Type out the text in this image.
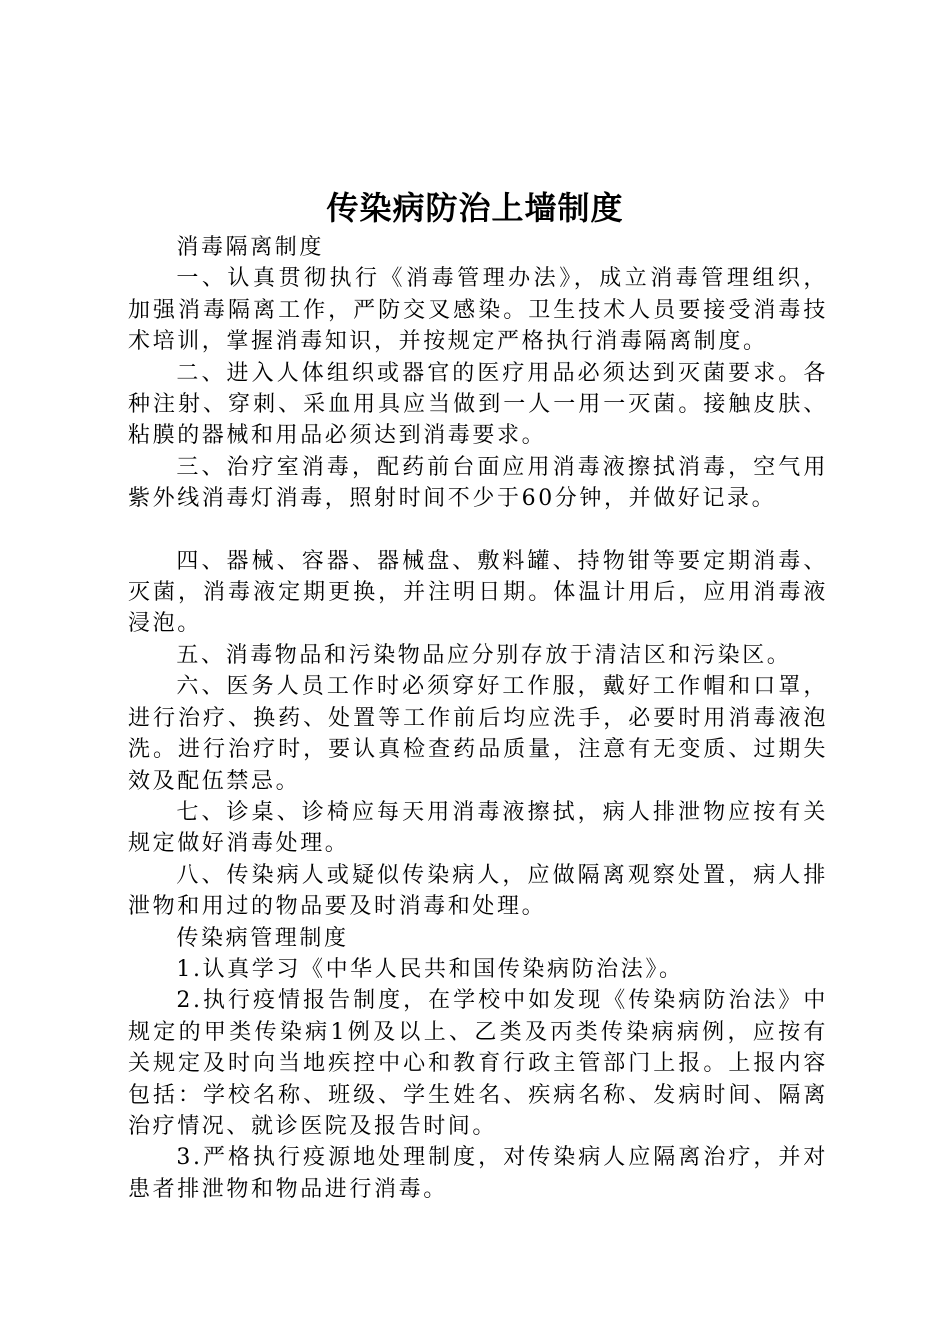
传染病防治上墙制度

消毒隔离制度

一、认真贯彻执行《消毒管理办法》，成立消毒管理组织，加强消毒隔离工作，严防交叉感染。卫生技术人员要接受消毒技术培训，掌握消毒知识，并按规定严格执行消毒隔离制度。

二、进入人体组织或器官的医疗用品必须达到灭菌要求。各种注射、穿刺、采血用具应当做到一人一用一灭菌。接触皮肤、粘膜的器械和用品必须达到消毒要求。

三、治疗室消毒，配药前台面应用消毒液擦拭消毒，空气用紫外线消毒灯消毒，照射时间不少于60分钟，并做好记录。

四、器械、容器、器械盘、敷料罐、持物钳等要定期消毒、灭菌，消毒液定期更换，并注明日期。体温计用后，应用消毒液浸泡。

五、消毒物品和污染物品应分别存放于清洁区和污染区。

六、医务人员工作时必须穿好工作服，戴好工作帽和口罩，进行治疗、换药、处置等工作前后均应洗手，必要时用消毒液泡洗。进行治疗时，要认真检查药品质量，注意有无变质、过期失效及配伍禁忌。

七、诊桌、诊椅应每天用消毒液擦拭，病人排泄物应按有关规定做好消毒处理。

八、传染病人或疑似传染病人，应做隔离观察处置，病人排泄物和用过的物品要及时消毒和处理。

传染病管理制度

1.认真学习《中华人民共和国传染病防治法》。

2.执行疫情报告制度，在学校中如发现《传染病防治法》中规定的甲类传染病1例及以上、乙类及丙类传染病病例，应按有关规定及时向当地疾控中心和教育行政主管部门上报。上报内容包括：学校名称、班级、学生姓名、疾病名称、发病时间、隔离治疗情况、就诊医院及报告时间。

3.严格执行疫源地处理制度，对传染病人应隔离治疗，并对患者排泄物和物品进行消毒。
